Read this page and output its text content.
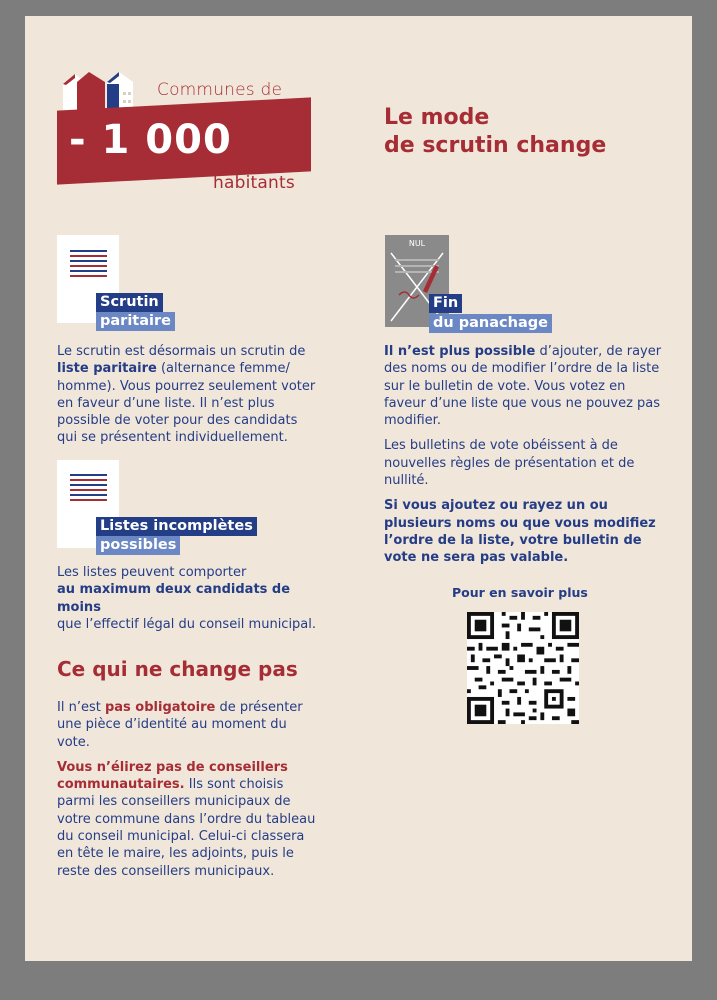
Communes de
- 1 000
habitants
Le mode
de scrutin change
Scrutin
paritaire
Le scrutin est désormais un scrutin de liste paritaire (alternance femme/ homme). Vous pourrez seulement voter en faveur d’une liste. Il n’est plus possible de voter pour des candidats qui se présentent individuellement.
Listes incomplètes
possibles
Les listes peuvent comporter
au maximum deux candidats de moins
que l’effectif légal du conseil municipal.
Ce qui ne change pas

Il n’est pas obligatoire de présenter une pièce d’identité au moment du vote.

Vous n’élirez pas de conseillers communautaires. Ils sont choisis parmi les conseillers municipaux de votre commune dans l’ordre du tableau du conseil municipal. Celui-ci classera en tête le maire, les adjoints, puis le reste des conseillers municipaux.

NUL
Fin
du panachage

Il n’est plus possible d’ajouter, de rayer des noms ou de modifier l’ordre de la liste sur le bulletin de vote. Vous votez en faveur d’une liste que vous ne pouvez pas modifier.

Les bulletins de vote obéissent à de nouvelles règles de présentation et de nullité.

Si vous ajoutez ou rayez un ou plusieurs noms ou que vous modifiez l’ordre de la liste, votre bulletin de vote ne sera pas valable.

Pour en savoir plus
